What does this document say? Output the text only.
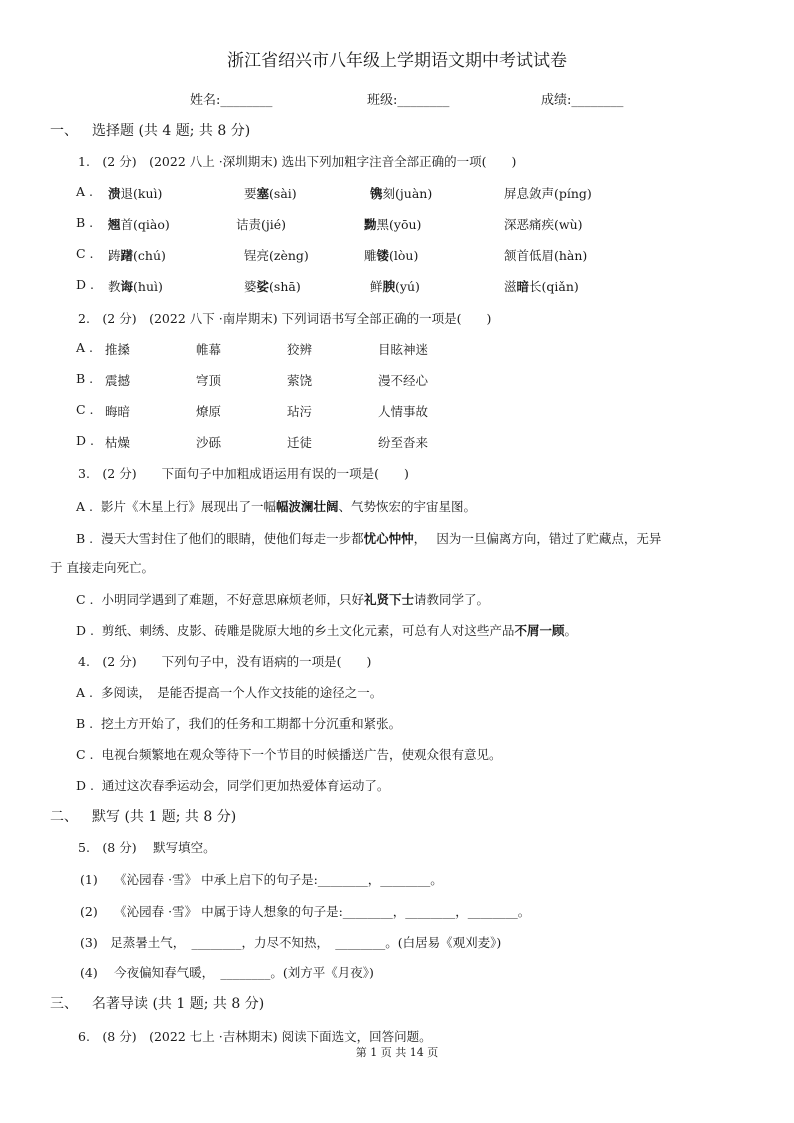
浙江省绍兴市八年级上学期语文期中考试试卷
姓名:________	班级:________	成绩:________
一、 选择题 (共 4 题; 共 8 分)
1.　(2 分)　(2022 八上 ·深圳期末) 选出下列加粗字注音全部正确的一项(　　)
A . 溃退(kuì)	要塞(sài)	镌刻(juàn)	屏息敛声(píng)
B . 翘首(qiào)	诘责(jié)	黝黑(yōu)	深恶痛疾(wù)
C . 踌躇(chú)	锃亮(zèng)	雕镂(lòu)	颔首低眉(hàn)
D . 教诲(huì)	婆娑(shā)	鲜腴(yú)	滋暗长(qiǎn)
2.　(2 分)　(2022 八下 ·南岸期末) 下列词语书写全部正确的一项是(　　)
A . 推搡	帷幕	狡辨	目眩神迷
B . 震撼	穹顶	萦饶	漫不经心
C . 晦暗	燎原	玷污	人情事故
D . 枯燥	沙砾	迁徒	纷至沓来
3.　(2 分)　　下面句子中加粗成语运用有误的一项是(　　)
A . 影片《木星上行》展现出了一幅幅波澜壮阔、气势恢宏的宇宙星图。
B . 漫天大雪封住了他们的眼睛，使他们每走一步都忧心忡忡，　 因为一旦偏离方向，错过了贮藏点，无异
于 直接走向死亡。
C . 小明同学遇到了难题，不好意思麻烦老师，只好礼贤下士请教同学了。
D . 剪纸、刺绣、皮影、砖雕是陇原大地的乡土文化元素，可总有人对这些产品不屑一顾。
4.　(2 分)　　下列句子中，没有语病的一项是(　　)
A . 多阅读，　是能否提高一个人作文技能的途径之一。
B . 挖土方开始了，我们的任务和工期都十分沉重和紧张。
C . 电视台频繁地在观众等待下一个节目的时候播送广告，使观众很有意见。
D . 通过这次春季运动会，同学们更加热爱体育运动了。
二、 默写 (共 1 题; 共 8 分)
5.　(8 分)　 默写填空。
(1)　 《沁园春 ·雪》 中承上启下的句子是:________，________。
(2)　 《沁园春 ·雪》 中属于诗人想象的句子是:________，________，________。
(3)　足蒸暑土气，　________，力尽不知热，　________。(白居易《观刈麦》)
(4)　 今夜偏知春气暖，　________。(刘方平《月夜》)
三、 名著导读 (共 1 题; 共 8 分)
6.　(8 分)　(2022 七上 ·吉林期末) 阅读下面选文，回答问题。
第 1 页 共 14 页
